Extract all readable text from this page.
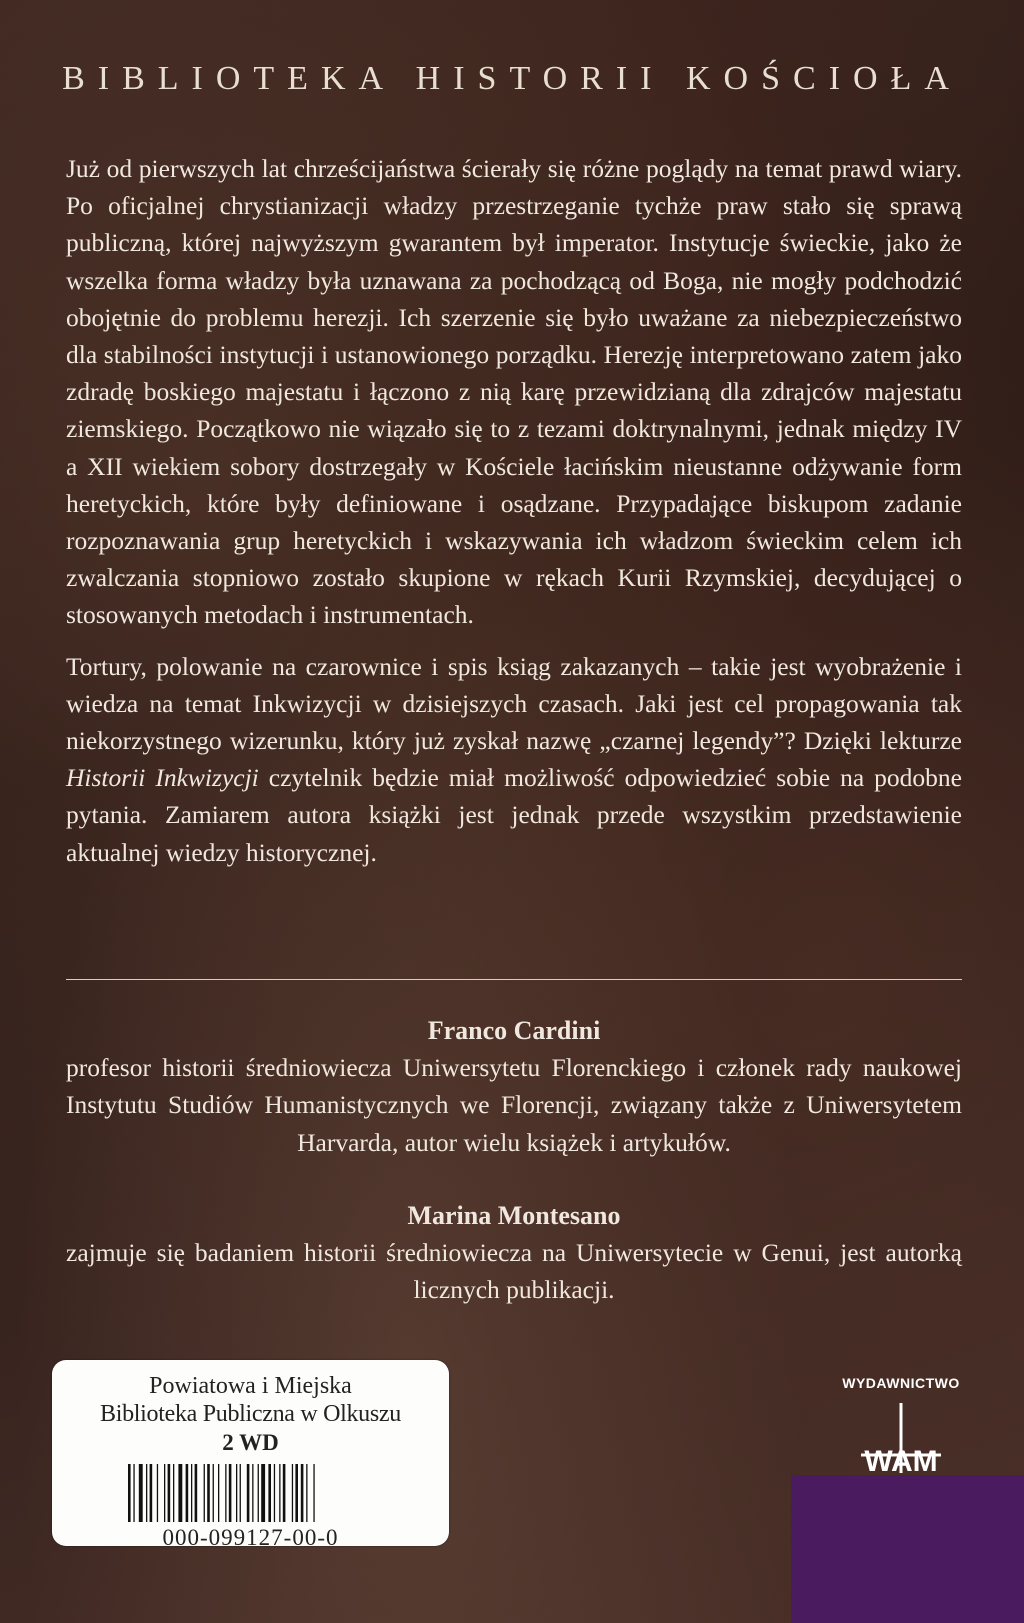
BIBLIOTEKA HISTORII KOŚCIOŁA

Już od pierwszych lat chrześcijaństwa ścierały się różne poglądy na temat prawd wiary. Po oficjalnej chrystianizacji władzy przestrzeganie tychże praw stało się sprawą publiczną, której najwyższym gwarantem był imperator. Instytucje świeckie, jako że wszelka forma władzy była uznawana za pochodzącą od Boga, nie mogły podchodzić obojętnie do problemu herezji. Ich szerzenie się było uważane za niebezpieczeństwo dla stabilności instytucji i ustanowionego porządku. Herezję interpretowano zatem jako zdradę boskiego majestatu i łączono z nią karę przewidzianą dla zdrajców majestatu ziemskiego. Początkowo nie wiązało się to z tezami doktrynalnymi, jednak między IV a XII wiekiem sobory dostrzegały w Kościele łacińskim nieustanne odżywanie form heretyckich, które były definiowane i osądzane. Przypadające biskupom zadanie rozpoznawania grup heretyckich i wskazywania ich władzom świeckim celem ich zwalczania stopniowo zostało skupione w rękach Kurii Rzymskiej, decydującej o stosowanych metodach i instrumentach.

Tortury, polowanie na czarownice i spis ksiąg zakazanych – takie jest wyobrażenie i wiedza na temat Inkwizycji w dzisiejszych czasach. Jaki jest cel propagowania tak niekorzystnego wizerunku, który już zyskał nazwę „czarnej legendy”? Dzięki lekturze Historii Inkwizycji czytelnik będzie miał możliwość odpowiedzieć sobie na podobne pytania. Zamiarem autora książki jest jednak przede wszystkim przedstawienie aktualnej wiedzy historycznej.

Franco Cardini
profesor historii średniowiecza Uniwersytetu Florenckiego i członek rady naukowej Instytutu Studiów Humanistycznych we Florencji, związany także z Uniwersytetem Harvarda, autor wielu książek i artykułów.
Marina Montesano
zajmuje się badaniem historii średniowiecza na Uniwersytecie w Genui, jest autorką licznych publikacji.
Powiatowa i Miejska
Biblioteka Publiczna w Olkuszu
2 WD
000-099127-00-0
WYDAWNICTWO
WAM
